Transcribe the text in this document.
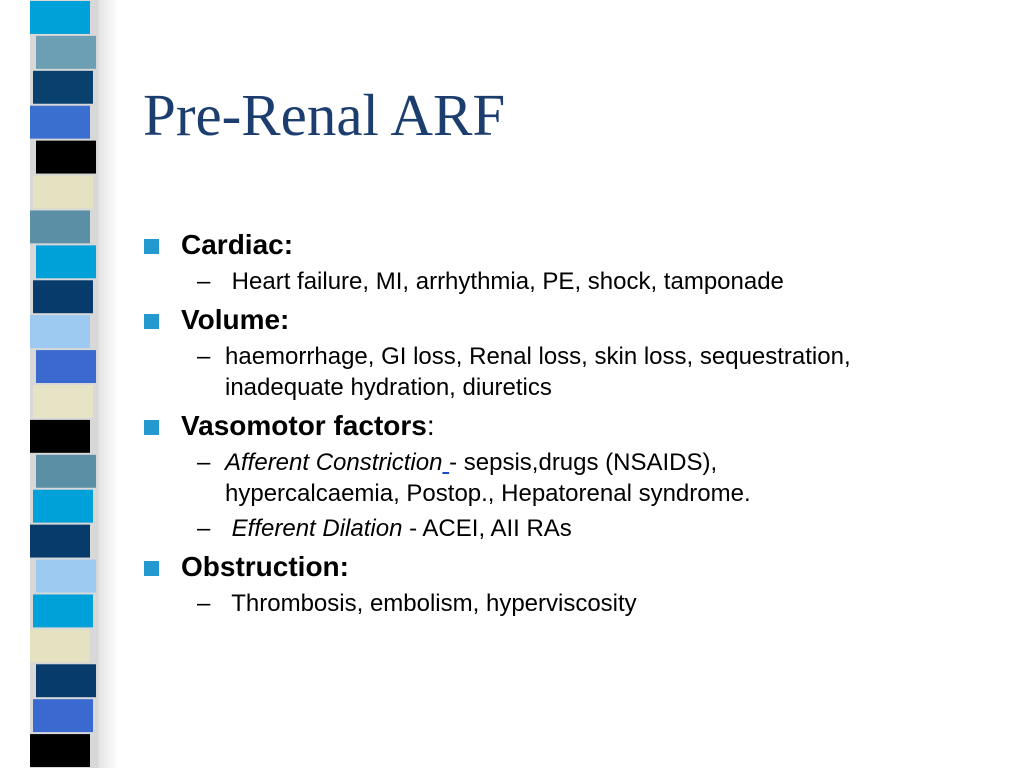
Pre-Renal ARF
Cardiac:
– Heart failure, MI, arrhythmia, PE, shock, tamponade
Volume:
– haemorrhage, GI loss, Renal loss, skin loss, sequestration, inadequate hydration, diuretics
Vasomotor factors:
– Afferent Constriction - sepsis,drugs (NSAIDS), hypercalcaemia, Postop., Hepatorenal syndrome.
– Efferent Dilation - ACEI, AII RAs
Obstruction:
– Thrombosis, embolism, hyperviscosity
